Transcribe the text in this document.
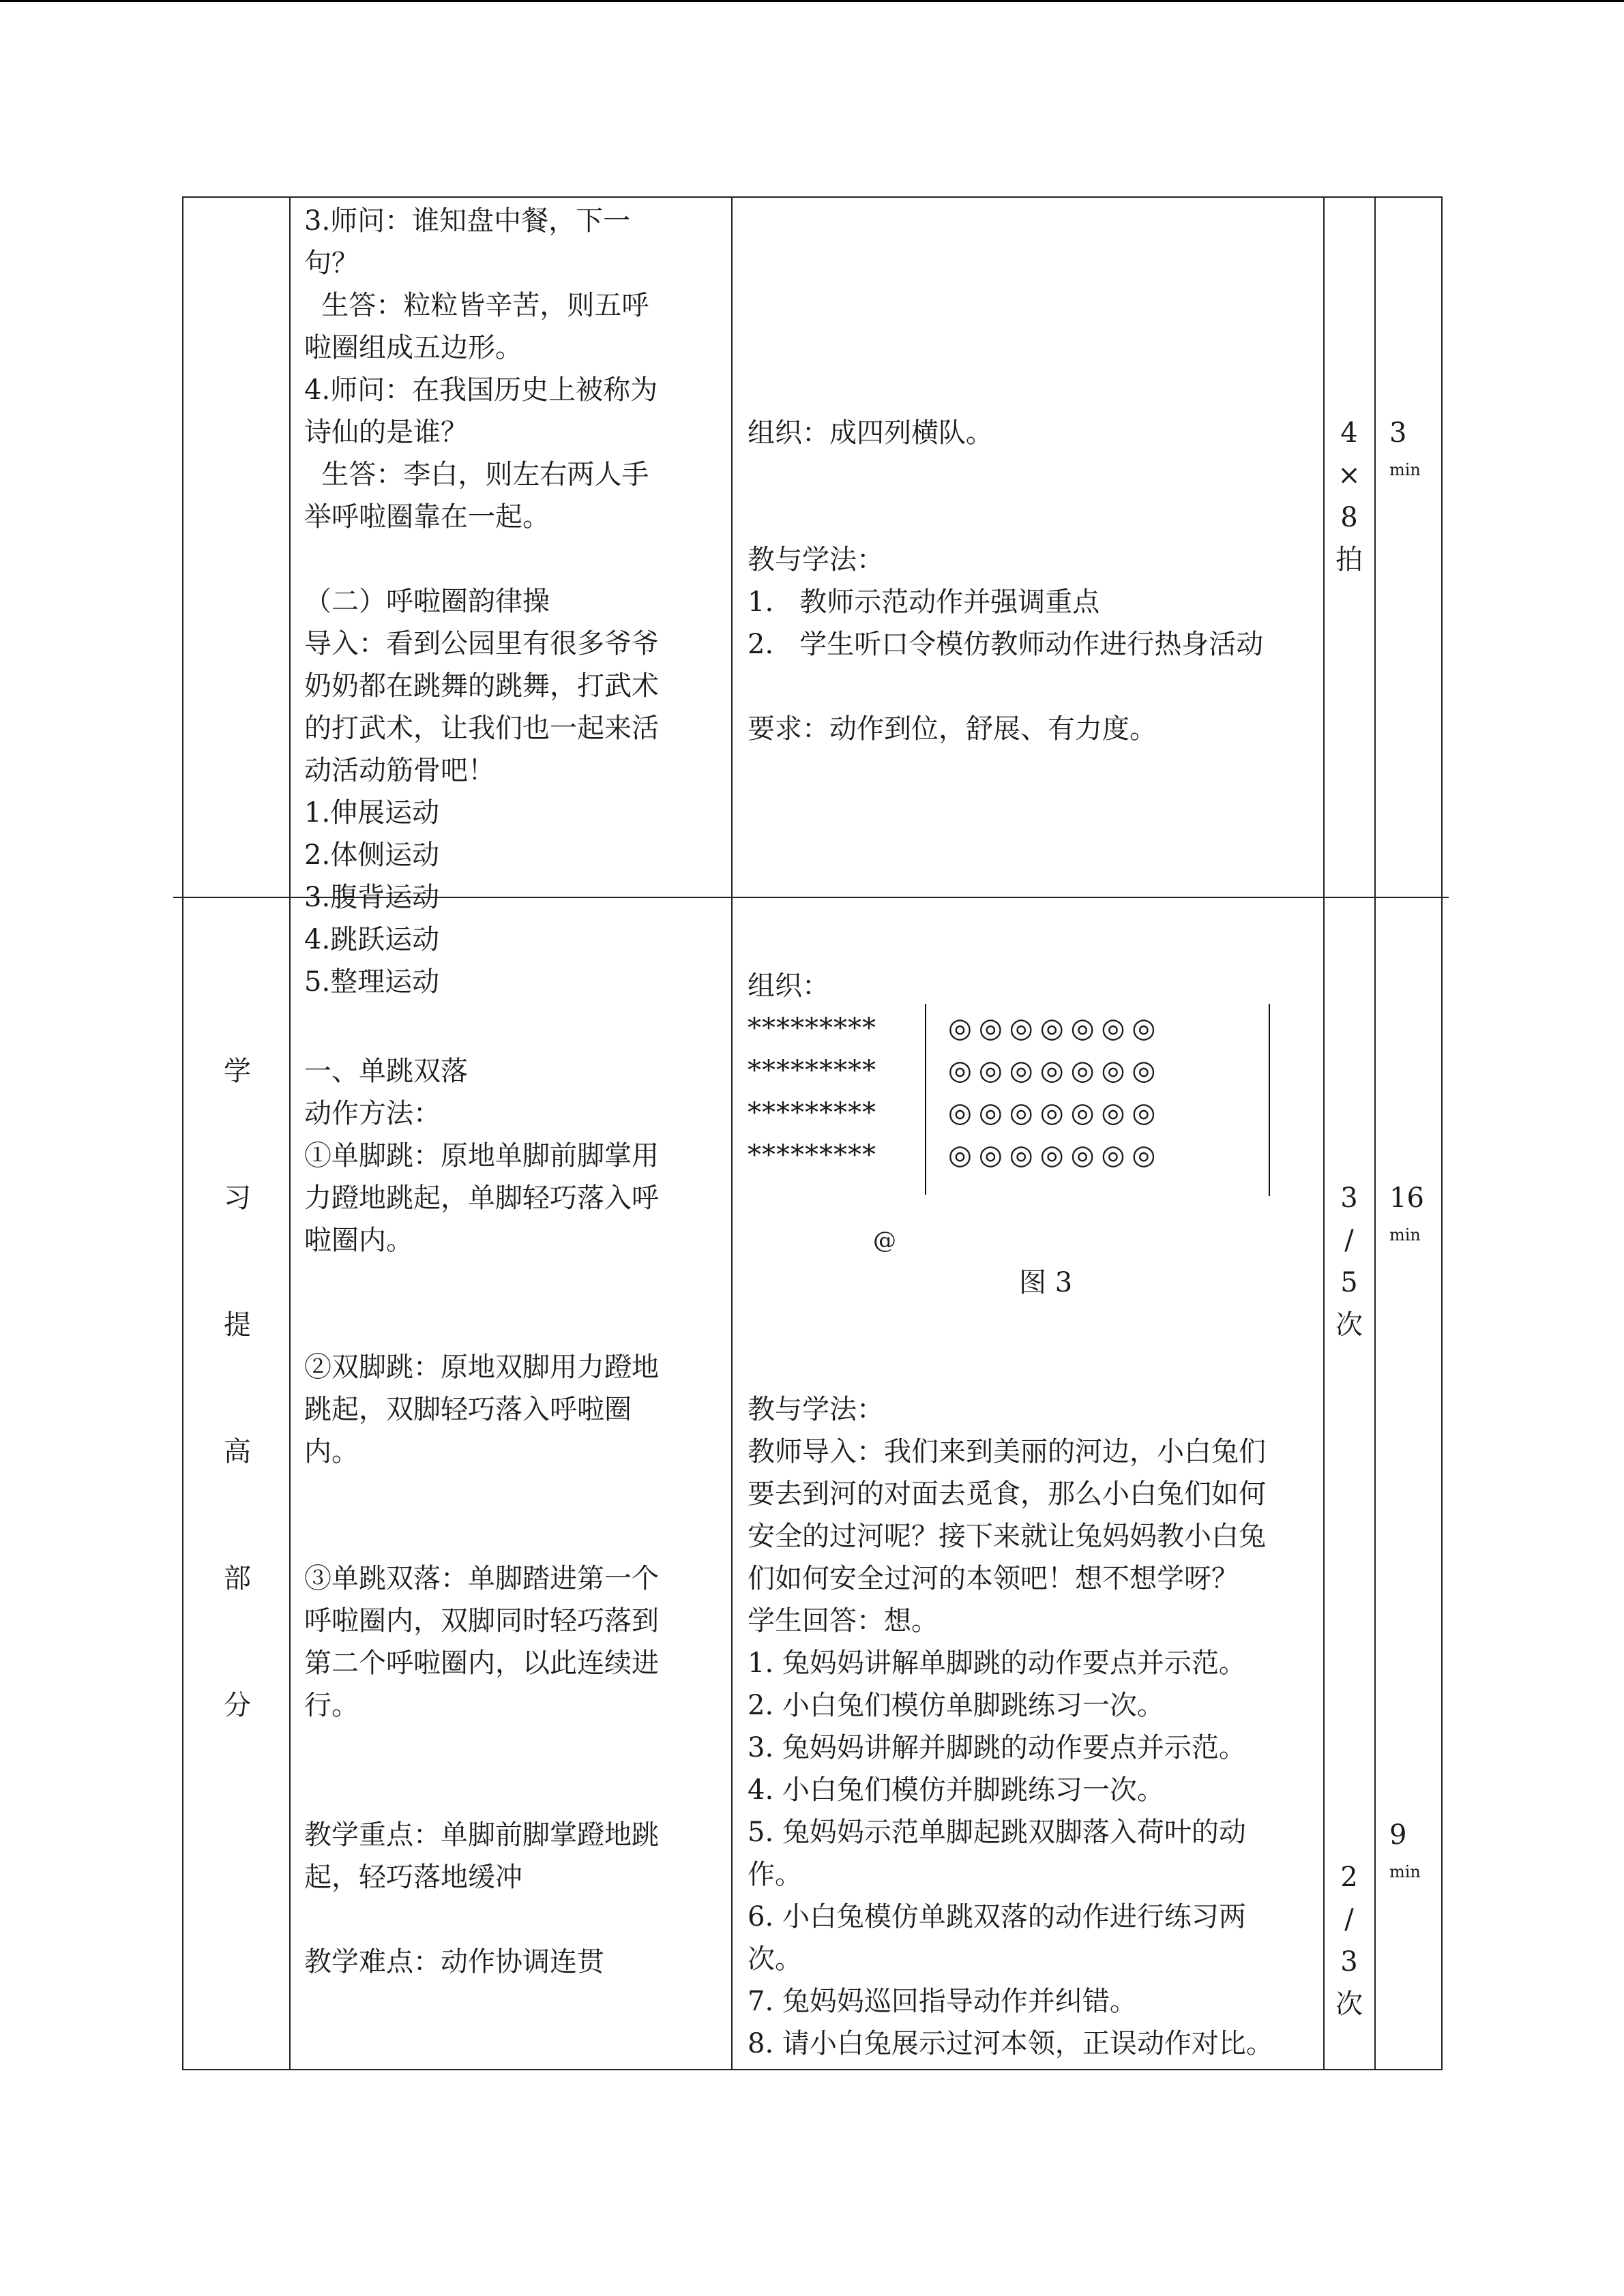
3.师问：谁知盘中餐，下一
句？
生答：粒粒皆辛苦，则五呼
啦圈组成五边形。
4.师问：在我国历史上被称为
诗仙的是谁？
生答：李白，则左右两人手
举呼啦圈靠在一起。
（二）呼啦圈韵律操
导入：看到公园里有很多爷爷
奶奶都在跳舞的跳舞，打武术
的打武术，让我们也一起来活
动活动筋骨吧！
1.伸展运动
2.体侧运动
3.腹背运动
组织：成四列横队。
教与学法：
1.   教师示范动作并强调重点
2.   学生听口令模仿教师动作进行热身活动
要求：动作到位，舒展、有力度。
4
×
8
拍
3
min
学
习
提
高
部
分
4.跳跃运动
5.整理运动
一、单跳双落
动作方法：
①单脚跳：原地单脚前脚掌用
力蹬地跳起，单脚轻巧落入呼
啦圈内。
②双脚跳：原地双脚用力蹬地
跳起，双脚轻巧落入呼啦圈
内。
③单跳双落：单脚踏进第一个
呼啦圈内，双脚同时轻巧落到
第二个呼啦圈内，以此连续进
行。
教学重点：单脚前脚掌蹬地跳
起，轻巧落地缓冲
教学难点：动作协调连贯
组织：
*********
*********
*********
*********
◎◎◎◎◎◎◎
◎◎◎◎◎◎◎
◎◎◎◎◎◎◎
◎◎◎◎◎◎◎
@
图 3
教与学法：
教师导入：我们来到美丽的河边，小白兔们
要去到河的对面去觅食，那么小白兔们如何
安全的过河呢？接下来就让兔妈妈教小白兔
们如何安全过河的本领吧！想不想学呀？
学生回答：想。
1. 兔妈妈讲解单脚跳的动作要点并示范。
2. 小白兔们模仿单脚跳练习一次。
3. 兔妈妈讲解并脚跳的动作要点并示范。
4. 小白兔们模仿并脚跳练习一次。
5. 兔妈妈示范单脚起跳双脚落入荷叶的动
作。
6. 小白兔模仿单跳双落的动作进行练习两
次。
7. 兔妈妈巡回指导动作并纠错。
8. 请小白兔展示过河本领，正误动作对比。
3
/
5
次
16
min
2
/
3
次
9
min
